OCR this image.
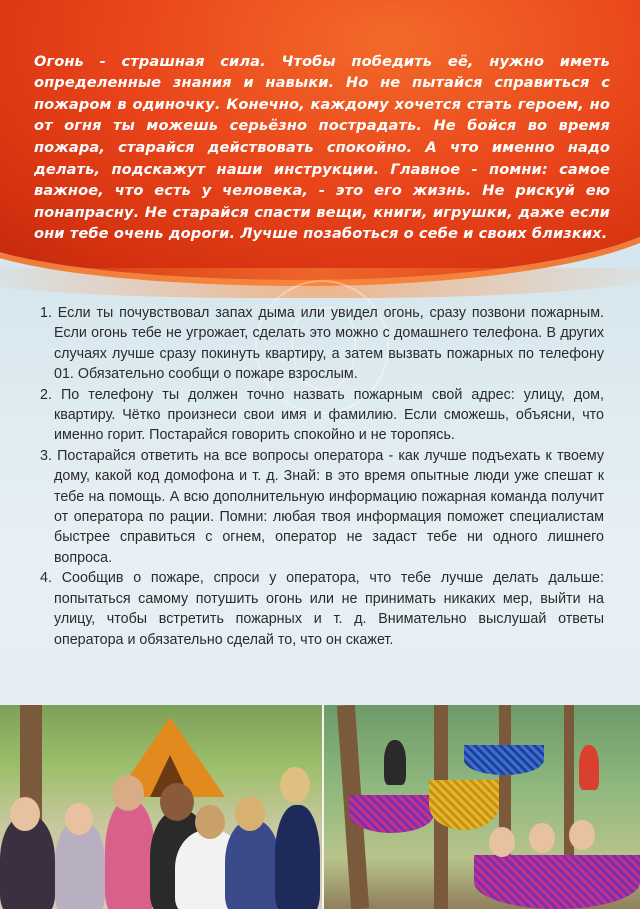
Огонь - страшная сила. Чтобы победить её, нужно иметь определенные знания и навыки. Но не пытайся справиться с пожаром в одиночку. Конечно, каждому хочется стать героем, но от огня ты можешь серьёзно пострадать. Не бойся во время пожара, старайся действовать спокойно. А что именно надо делать, подскажут наши инструкции. Главное - помни: самое важное, что есть у человека, - это его жизнь. Не рискуй ею понапрасну. Не старайся спасти вещи, книги, игрушки, даже если они тебе очень дороги. Лучше позаботься о себе и своих близких.

1. Если ты почувствовал запах дыма или увидел огонь, сразу позвони пожарным. Если огонь тебе не угрожает, сделать это можно с домашнего телефона. В других случаях лучше сразу покинуть квартиру, а затем вызвать пожарных по телефону 01. Обязательно сообщи о пожаре взрослым.
2. По телефону ты должен точно назвать пожарным свой адрес: улицу, дом, квартиру. Чётко произнеси свои имя и фамилию. Если сможешь, объясни, что именно горит. Постарайся говорить спокойно и не торопясь.
3. Постарайся ответить на все вопросы оператора - как лучше подъехать к твоему дому, какой код домофона и т. д. Знай: в это время опытные люди уже спешат к тебе на помощь. А всю дополнительную информацию пожарная команда получит от оператора по рации. Помни: любая твоя информация поможет специалистам быстрее справиться с огнем, оператор не задаст тебе ни одного лишнего вопроса.
4. Сообщив о пожаре, спроси у оператора, что тебе лучше делать дальше: попытаться самому потушить огонь или не принимать никаких мер, выйти на улицу, чтобы встретить пожарных и т. д. Внимательно выслушай ответы оператора и обязательно сделай то, что он скажет.
